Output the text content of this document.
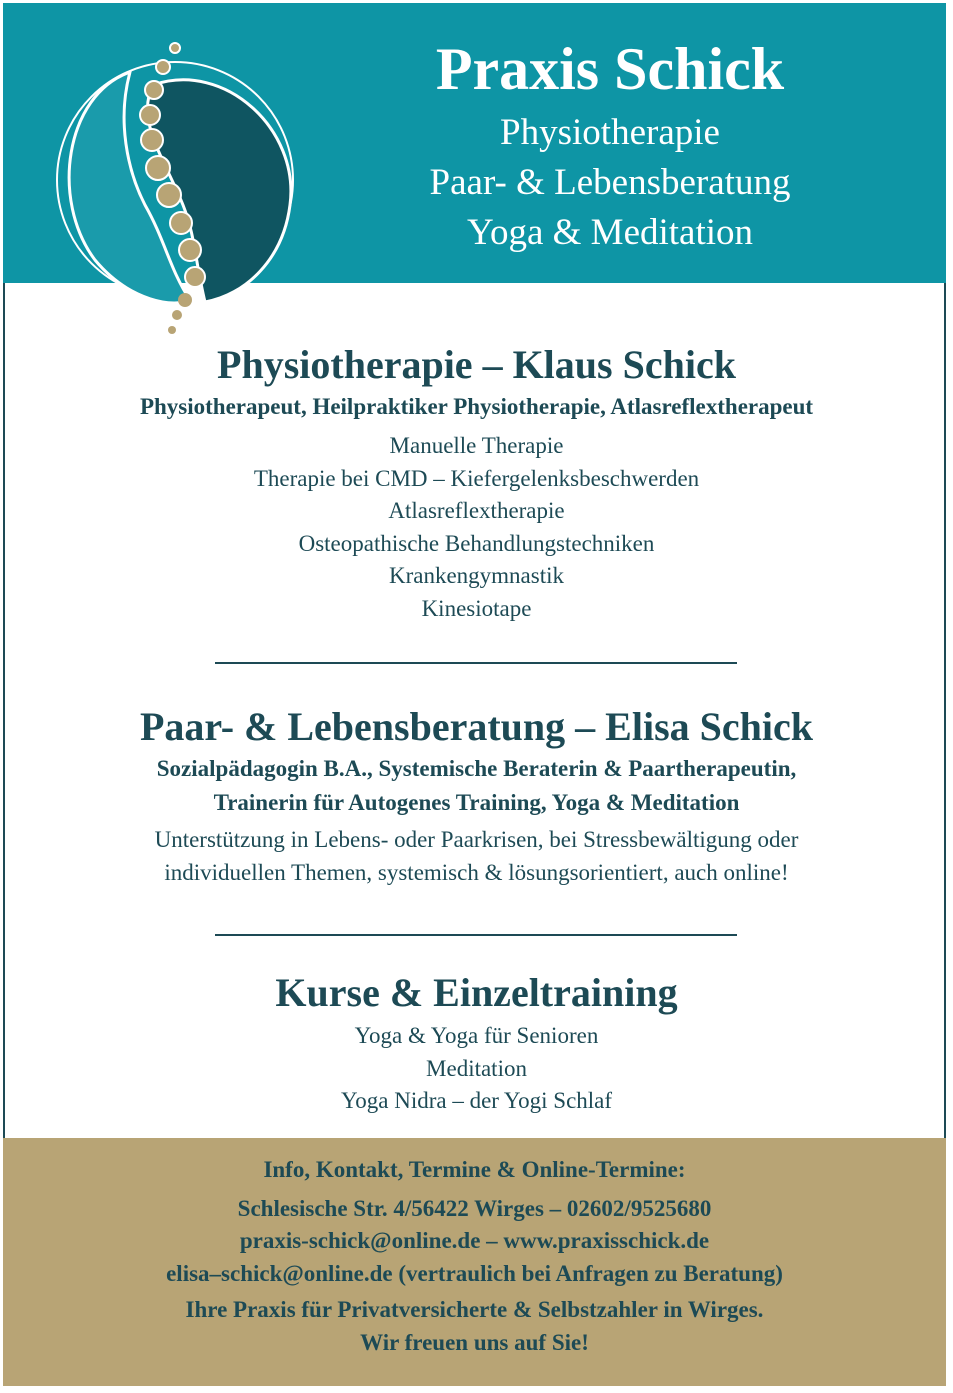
Praxis Schick
Physiotherapie
Paar- & Lebensberatung
Yoga & Meditation
Physiotherapie – Klaus Schick
Physiotherapeut, Heilpraktiker Physiotherapie, Atlasreflextherapeut
Manuelle Therapie
Therapie bei CMD – Kiefergelenksbeschwerden
Atlasreflextherapie
Osteopathische Behandlungstechniken
Krankengymnastik
Kinesiotape
Paar- & Lebensberatung – Elisa Schick
Sozialpädagogin B.A., Systemische Beraterin & Paartherapeutin,
Trainerin für Autogenes Training, Yoga & Meditation
Unterstützung in Lebens- oder Paarkrisen, bei Stressbewältigung oder
individuellen Themen, systemisch & lösungsorientiert, auch online!
Kurse & Einzeltraining
Yoga & Yoga für Senioren
Meditation
Yoga Nidra – der Yogi Schlaf
Info, Kontakt, Termine & Online-Termine:
Schlesische Str. 4/56422 Wirges – 02602/9525680
praxis-schick@online.de – www.praxisschick.de
elisa–schick@online.de (vertraulich bei Anfragen zu Beratung)
Ihre Praxis für Privatversicherte & Selbstzahler in Wirges.
Wir freuen uns auf Sie!
